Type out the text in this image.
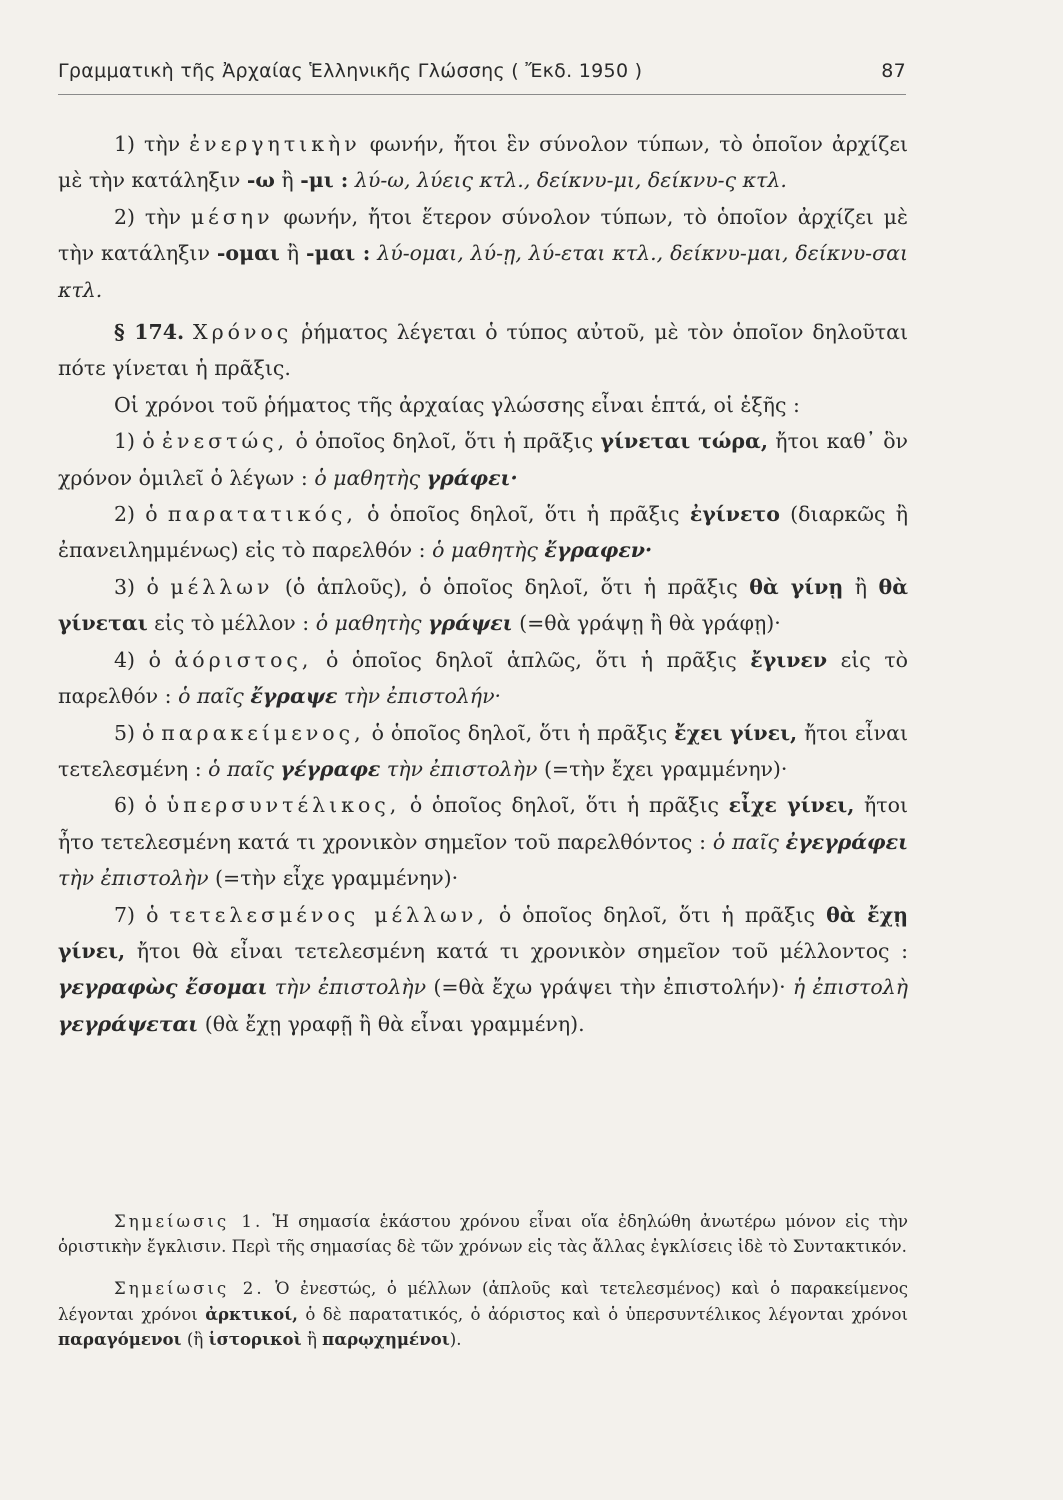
Γραμματικὴ τῆς Ἀρχαίας Ἑλληνικῆς Γλώσσης ( Ἔκδ. 1950 )	87

1) τὴν ἐνεργητικὴν φωνήν, ἤτοι ἓν σύνολον τύπων, τὸ ὁποῖον ἀρχίζει μὲ τὴν κατάληξιν -ω ἢ -μι : λύ-ω, λύεις κτλ., δείκνυ-μι, δείκνυ-ς κτλ.

2) τὴν μέσην φωνήν, ἤτοι ἕτερον σύνολον τύπων, τὸ ὁποῖον ἀρχίζει μὲ τὴν κατάληξιν -ομαι ἢ -μαι : λύ-ομαι, λύ-ῃ, λύ-εται κτλ., δείκνυ-μαι, δείκνυ-σαι κτλ.

§ 174. Χρόνος ῥήματος λέγεται ὁ τύπος αὐτοῦ, μὲ τὸν ὁποῖον δηλοῦται πότε γίνεται ἡ πρᾶξις.

Οἱ χρόνοι τοῦ ῥήματος τῆς ἀρχαίας γλώσσης εἶναι ἑπτά, οἱ ἑξῆς :

1) ὁ ἐνεστώς, ὁ ὁποῖος δηλοῖ, ὅτι ἡ πρᾶξις γίνεται τώρα, ἤτοι καθ᾽ ὃν χρόνον ὁμιλεῖ ὁ λέγων : ὁ μαθητὴς γράφει·

2) ὁ παρατατικός, ὁ ὁποῖος δηλοῖ, ὅτι ἡ πρᾶξις ἐγίνετο (διαρκῶς ἢ ἐπανειλημμένως) εἰς τὸ παρελθόν : ὁ μαθητὴς ἔγραφεν·

3) ὁ μέλλων (ὁ ἁπλοῦς), ὁ ὁποῖος δηλοῖ, ὅτι ἡ πρᾶξις θὰ γίνῃ ἢ θὰ γίνεται εἰς τὸ μέλλον : ὁ μαθητὴς γράψει (=θὰ γράψῃ ἢ θὰ γράφῃ)·

4) ὁ ἀόριστος, ὁ ὁποῖος δηλοῖ ἁπλῶς, ὅτι ἡ πρᾶξις ἔγινεν εἰς τὸ παρελθόν : ὁ παῖς ἔγραψε τὴν ἐπιστολήν·

5) ὁ παρακείμενος, ὁ ὁποῖος δηλοῖ, ὅτι ἡ πρᾶξις ἔχει γίνει, ἤτοι εἶναι τετελεσμένη : ὁ παῖς γέγραφε τὴν ἐπιστολὴν (=τὴν ἔχει γραμμένην)·

6) ὁ ὑπερσυντέλικος, ὁ ὁποῖος δηλοῖ, ὅτι ἡ πρᾶξις εἶχε γίνει, ἤτοι ἦτο τετελεσμένη κατά τι χρονικὸν σημεῖον τοῦ παρελθόντος : ὁ παῖς ἐγεγράφει τὴν ἐπιστολὴν (=τὴν εἶχε γραμμένην)·

7) ὁ τετελεσμένος μέλλων, ὁ ὁποῖος δηλοῖ, ὅτι ἡ πρᾶξις θὰ ἔχῃ γίνει, ἤτοι θὰ εἶναι τετελεσμένη κατά τι χρονικὸν σημεῖον τοῦ μέλλοντος : γεγραφὼς ἔσομαι τὴν ἐπιστολὴν (=θὰ ἔχω γράψει τὴν ἐπιστολήν)· ἡ ἐπιστολὴ γεγράψεται (θὰ ἔχῃ γραφῇ ἢ θὰ εἶναι γραμμένη).

Σημείωσις 1. Ἡ σημασία ἑκάστου χρόνου εἶναι οἵα ἐδηλώθη ἀνωτέρω μόνον εἰς τὴν ὁριστικὴν ἔγκλισιν. Περὶ τῆς σημασίας δὲ τῶν χρόνων εἰς τὰς ἄλλας ἐγκλίσεις ἰδὲ τὸ Συντακτικόν.

Σημείωσις 2. Ὁ ἐνεστώς, ὁ μέλλων (ἁπλοῦς καὶ τετελεσμένος) καὶ ὁ παρακείμενος λέγονται χρόνοι ἀρκτικοί, ὁ δὲ παρατατικός, ὁ ἀόριστος καὶ ὁ ὑπερσυντέλικος λέγονται χρόνοι παραγόμενοι (ἢ ἱστορικοὶ ἢ παρῳχημένοι).
